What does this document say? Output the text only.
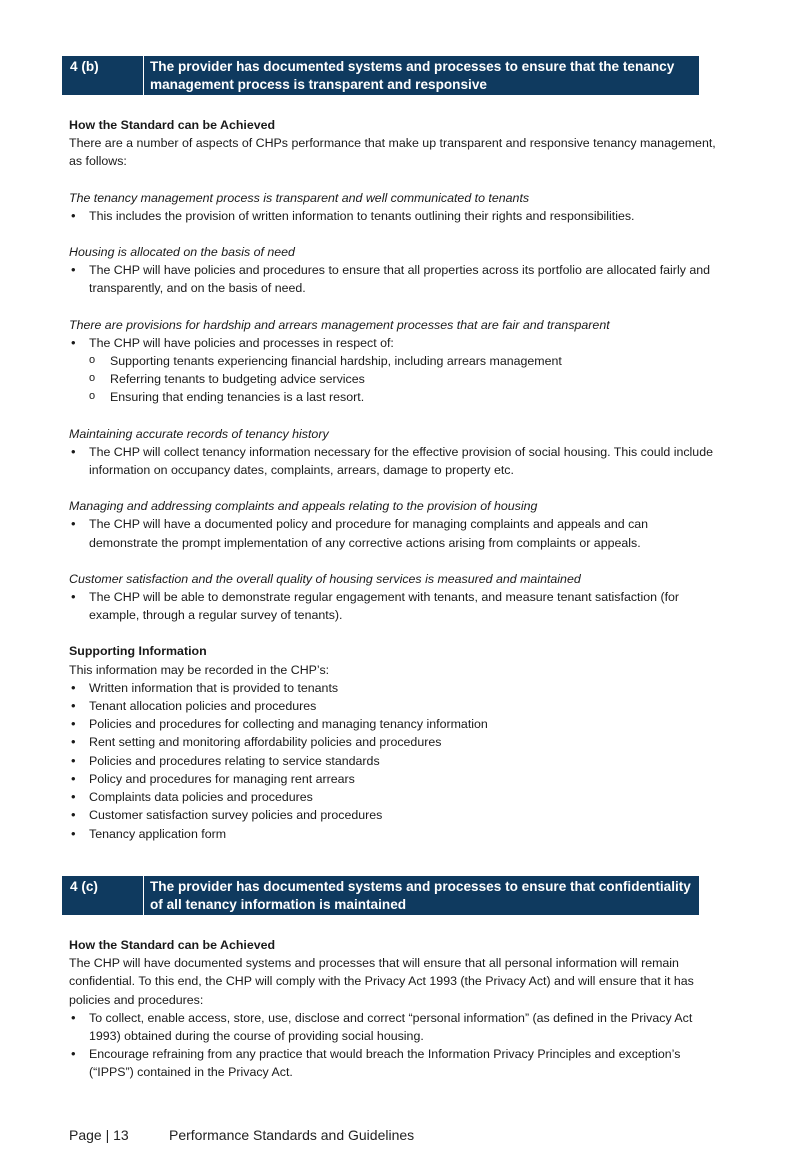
4 (b)	The provider has documented systems and processes to ensure that the tenancy management process is transparent and responsive

How the Standard can be Achieved

There are a number of aspects of CHPs performance that make up transparent and responsive tenancy management, as follows:

The tenancy management process is transparent and well communicated to tenants

• This includes the provision of written information to tenants outlining their rights and responsibilities.

Housing is allocated on the basis of need

• The CHP will have policies and procedures to ensure that all properties across its portfolio are allocated fairly and transparently, and on the basis of need.

There are provisions for hardship and arrears management processes that are fair and transparent

• The CHP will have policies and processes in respect of:
o Supporting tenants experiencing financial hardship, including arrears management
o Referring tenants to budgeting advice services
o Ensuring that ending tenancies is a last resort.

Maintaining accurate records of tenancy history

• The CHP will collect tenancy information necessary for the effective provision of social housing. This could include information on occupancy dates, complaints, arrears, damage to property etc.

Managing and addressing complaints and appeals relating to the provision of housing

• The CHP will have a documented policy and procedure for managing complaints and appeals and can demonstrate the prompt implementation of any corrective actions arising from complaints or appeals.

Customer satisfaction and the overall quality of housing services is measured and maintained

• The CHP will be able to demonstrate regular engagement with tenants, and measure tenant satisfaction (for example, through a regular survey of tenants).

Supporting Information

This information may be recorded in the CHP’s:

• Written information that is provided to tenants
• Tenant allocation policies and procedures
• Policies and procedures for collecting and managing tenancy information
• Rent setting and monitoring affordability policies and procedures
• Policies and procedures relating to service standards
• Policy and procedures for managing rent arrears
• Complaints data policies and procedures
• Customer satisfaction survey policies and procedures
• Tenancy application form
4 (c)	The provider has documented systems and processes to ensure that confidentiality of all tenancy information is maintained

How the Standard can be Achieved

The CHP will have documented systems and processes that will ensure that all personal information will remain confidential. To this end, the CHP will comply with the Privacy Act 1993 (the Privacy Act) and will ensure that it has policies and procedures:

• To collect, enable access, store, use, disclose and correct “personal information” (as defined in the Privacy Act 1993) obtained during the course of providing social housing.
• Encourage refraining from any practice that would breach the Information Privacy Principles and exception’s (“IPPS”) contained in the Privacy Act.
Page | 13	Performance Standards and Guidelines
